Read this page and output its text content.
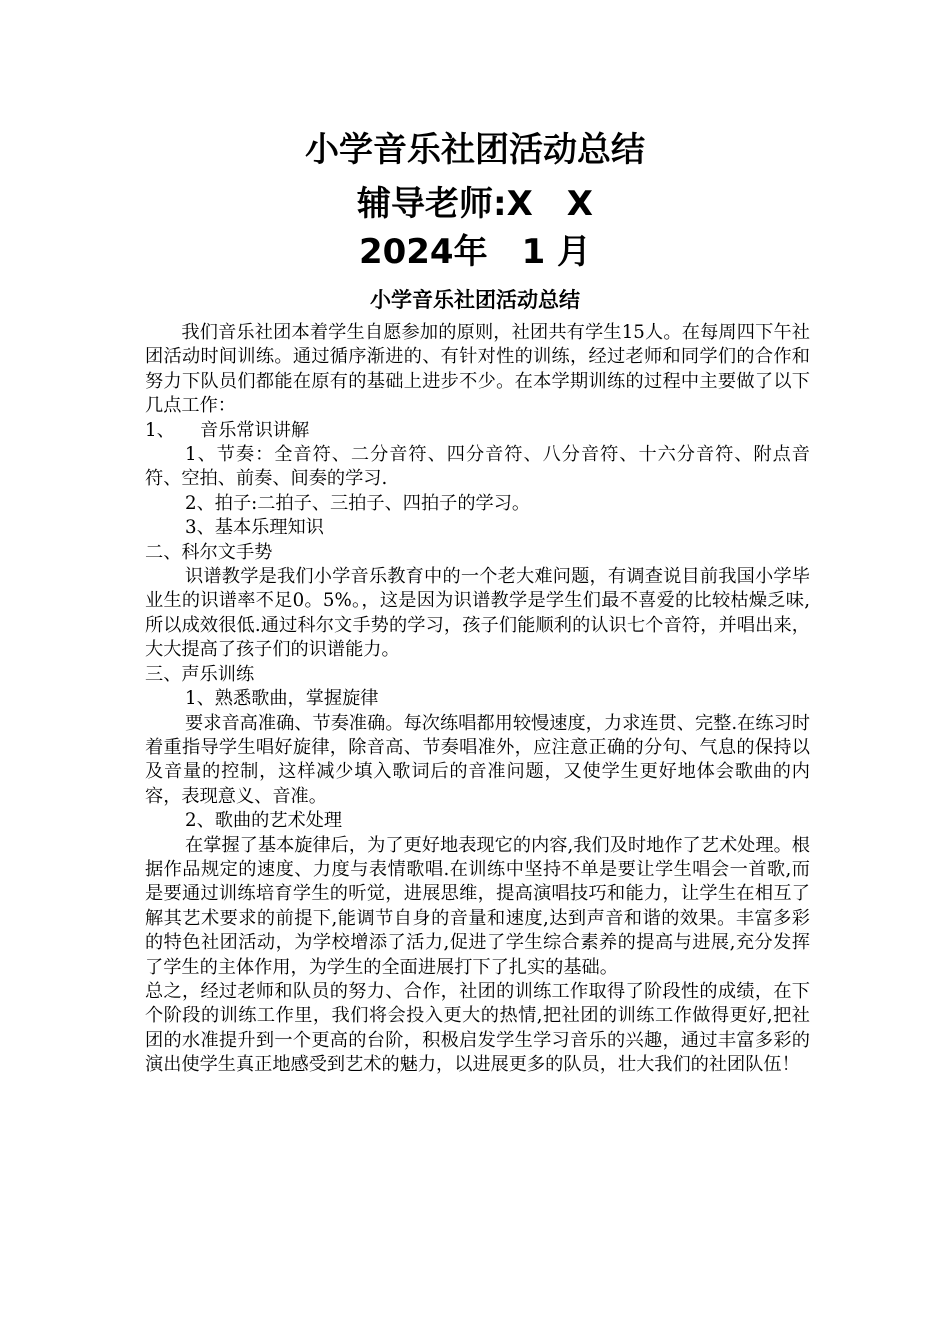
小学音乐社团活动总结
辅导老师:X　X
2024年　1 月
小学音乐社团活动总结

我们音乐社团本着学生自愿参加的原则，社团共有学生15人。在每周四下午社团活动时间训练。通过循序渐进的、有针对性的训练，经过老师和同学们的合作和努力下队员们都能在原有的基础上进步不少。在本学期训练的过程中主要做了以下几点工作：

1、	音乐常识讲解

1、节奏：全音符、二分音符、四分音符、八分音符、十六分音符、附点音符、空拍、前奏、间奏的学习.

2、拍子:二拍子、三拍子、四拍子的学习。

3、基本乐理知识

二、科尔文手势

识谱教学是我们小学音乐教育中的一个老大难问题，有调查说目前我国小学毕业生的识谱率不足0。5%。，这是因为识谱教学是学生们最不喜爱的比较枯燥乏味,所以成效很低.通过科尔文手势的学习，孩子们能顺利的认识七个音符，并唱出来，大大提高了孩子们的识谱能力。

三、声乐训练

1、熟悉歌曲，掌握旋律

要求音高准确、节奏准确。每次练唱都用较慢速度，力求连贯、完整.在练习时着重指导学生唱好旋律，除音高、节奏唱准外，应注意正确的分句、气息的保持以及音量的控制，这样减少填入歌词后的音准问题，又使学生更好地体会歌曲的内容，表现意义、音准。

2、歌曲的艺术处理

在掌握了基本旋律后，为了更好地表现它的内容,我们及时地作了艺术处理。根据作品规定的速度、力度与表情歌唱.在训练中坚持不单是要让学生唱会一首歌,而是要通过训练培育学生的听觉，进展思维，提高演唱技巧和能力，让学生在相互了解其艺术要求的前提下,能调节自身的音量和速度,达到声音和谐的效果。丰富多彩的特色社团活动，为学校增添了活力,促进了学生综合素养的提高与进展,充分发挥了学生的主体作用，为学生的全面进展打下了扎实的基础。

总之，经过老师和队员的努力、合作，社团的训练工作取得了阶段性的成绩，在下个阶段的训练工作里，我们将会投入更大的热情,把社团的训练工作做得更好,把社团的水准提升到一个更高的台阶，积极启发学生学习音乐的兴趣，通过丰富多彩的演出使学生真正地感受到艺术的魅力，以进展更多的队员，壮大我们的社团队伍！
